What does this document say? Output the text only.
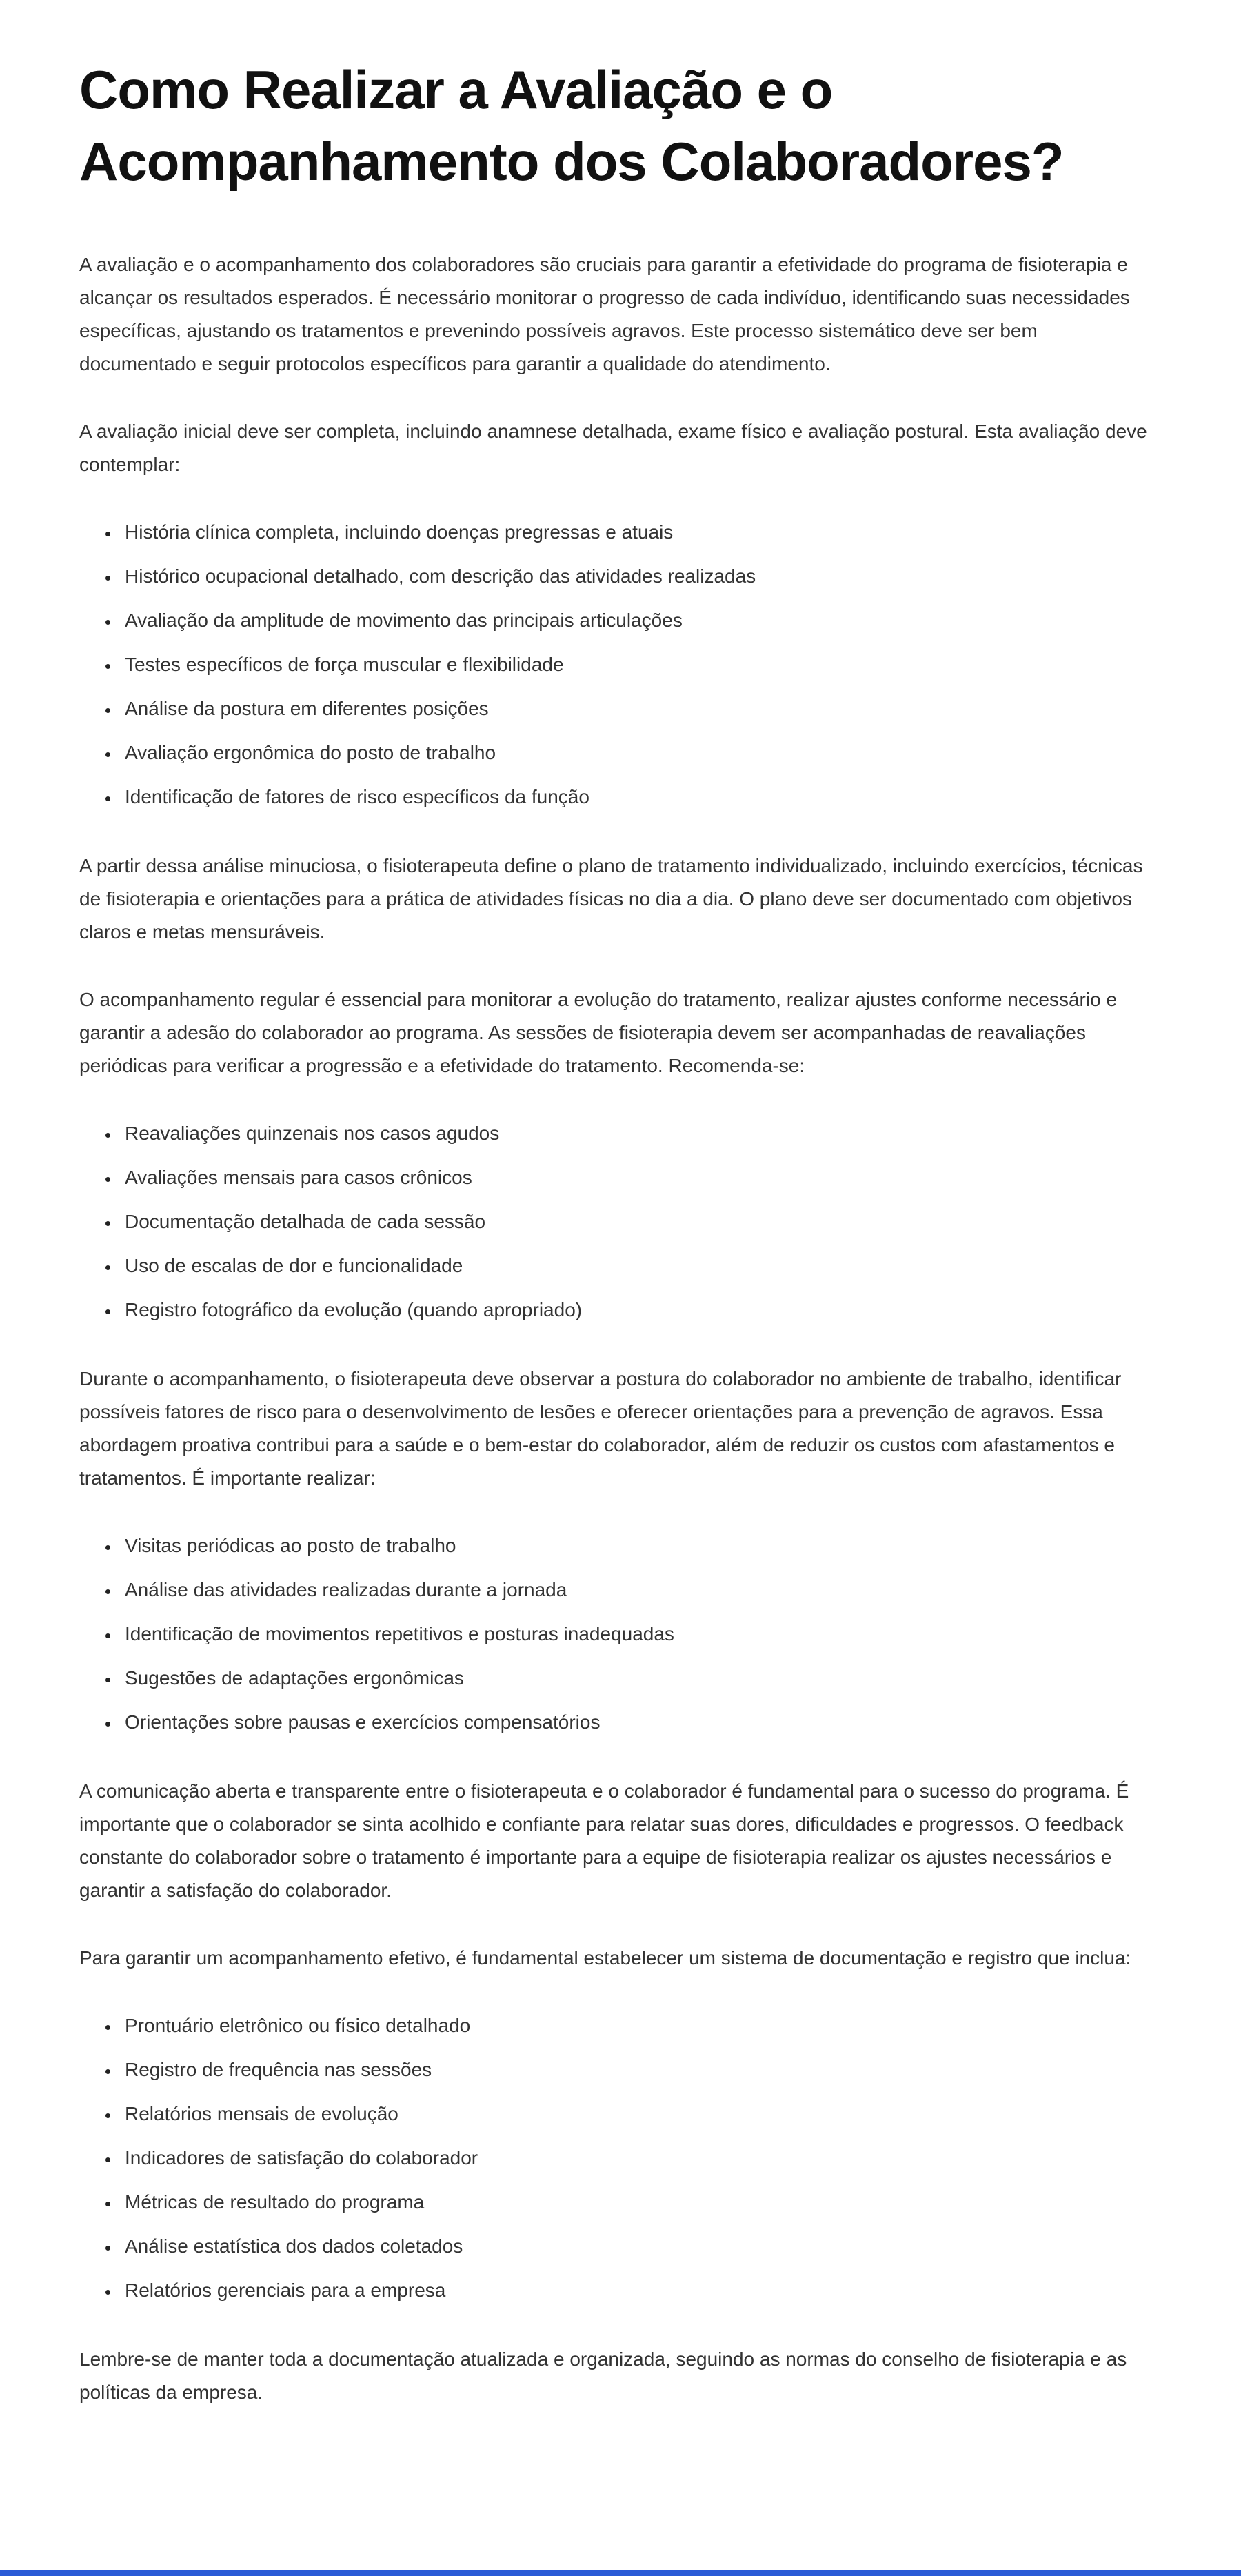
Como Realizar a Avaliação e o Acompanhamento dos Colaboradores?

A avaliação e o acompanhamento dos colaboradores são cruciais para garantir a efetividade do programa de fisioterapia e alcançar os resultados esperados. É necessário monitorar o progresso de cada indivíduo, identificando suas necessidades específicas, ajustando os tratamentos e prevenindo possíveis agravos. Este processo sistemático deve ser bem documentado e seguir protocolos específicos para garantir a qualidade do atendimento.

A avaliação inicial deve ser completa, incluindo anamnese detalhada, exame físico e avaliação postural. Esta avaliação deve contemplar:

• História clínica completa, incluindo doenças pregressas e atuais
• Histórico ocupacional detalhado, com descrição das atividades realizadas
• Avaliação da amplitude de movimento das principais articulações
• Testes específicos de força muscular e flexibilidade
• Análise da postura em diferentes posições
• Avaliação ergonômica do posto de trabalho
• Identificação de fatores de risco específicos da função

A partir dessa análise minuciosa, o fisioterapeuta define o plano de tratamento individualizado, incluindo exercícios, técnicas de fisioterapia e orientações para a prática de atividades físicas no dia a dia. O plano deve ser documentado com objetivos claros e metas mensuráveis.

O acompanhamento regular é essencial para monitorar a evolução do tratamento, realizar ajustes conforme necessário e garantir a adesão do colaborador ao programa. As sessões de fisioterapia devem ser acompanhadas de reavaliações periódicas para verificar a progressão e a efetividade do tratamento. Recomenda-se:

• Reavaliações quinzenais nos casos agudos
• Avaliações mensais para casos crônicos
• Documentação detalhada de cada sessão
• Uso de escalas de dor e funcionalidade
• Registro fotográfico da evolução (quando apropriado)

Durante o acompanhamento, o fisioterapeuta deve observar a postura do colaborador no ambiente de trabalho, identificar possíveis fatores de risco para o desenvolvimento de lesões e oferecer orientações para a prevenção de agravos. Essa abordagem proativa contribui para a saúde e o bem-estar do colaborador, além de reduzir os custos com afastamentos e tratamentos. É importante realizar:

• Visitas periódicas ao posto de trabalho
• Análise das atividades realizadas durante a jornada
• Identificação de movimentos repetitivos e posturas inadequadas
• Sugestões de adaptações ergonômicas
• Orientações sobre pausas e exercícios compensatórios

A comunicação aberta e transparente entre o fisioterapeuta e o colaborador é fundamental para o sucesso do programa. É importante que o colaborador se sinta acolhido e confiante para relatar suas dores, dificuldades e progressos. O feedback constante do colaborador sobre o tratamento é importante para a equipe de fisioterapia realizar os ajustes necessários e garantir a satisfação do colaborador.

Para garantir um acompanhamento efetivo, é fundamental estabelecer um sistema de documentação e registro que inclua:

• Prontuário eletrônico ou físico detalhado
• Registro de frequência nas sessões
• Relatórios mensais de evolução
• Indicadores de satisfação do colaborador
• Métricas de resultado do programa
• Análise estatística dos dados coletados
• Relatórios gerenciais para a empresa

Lembre-se de manter toda a documentação atualizada e organizada, seguindo as normas do conselho de fisioterapia e as políticas da empresa.
